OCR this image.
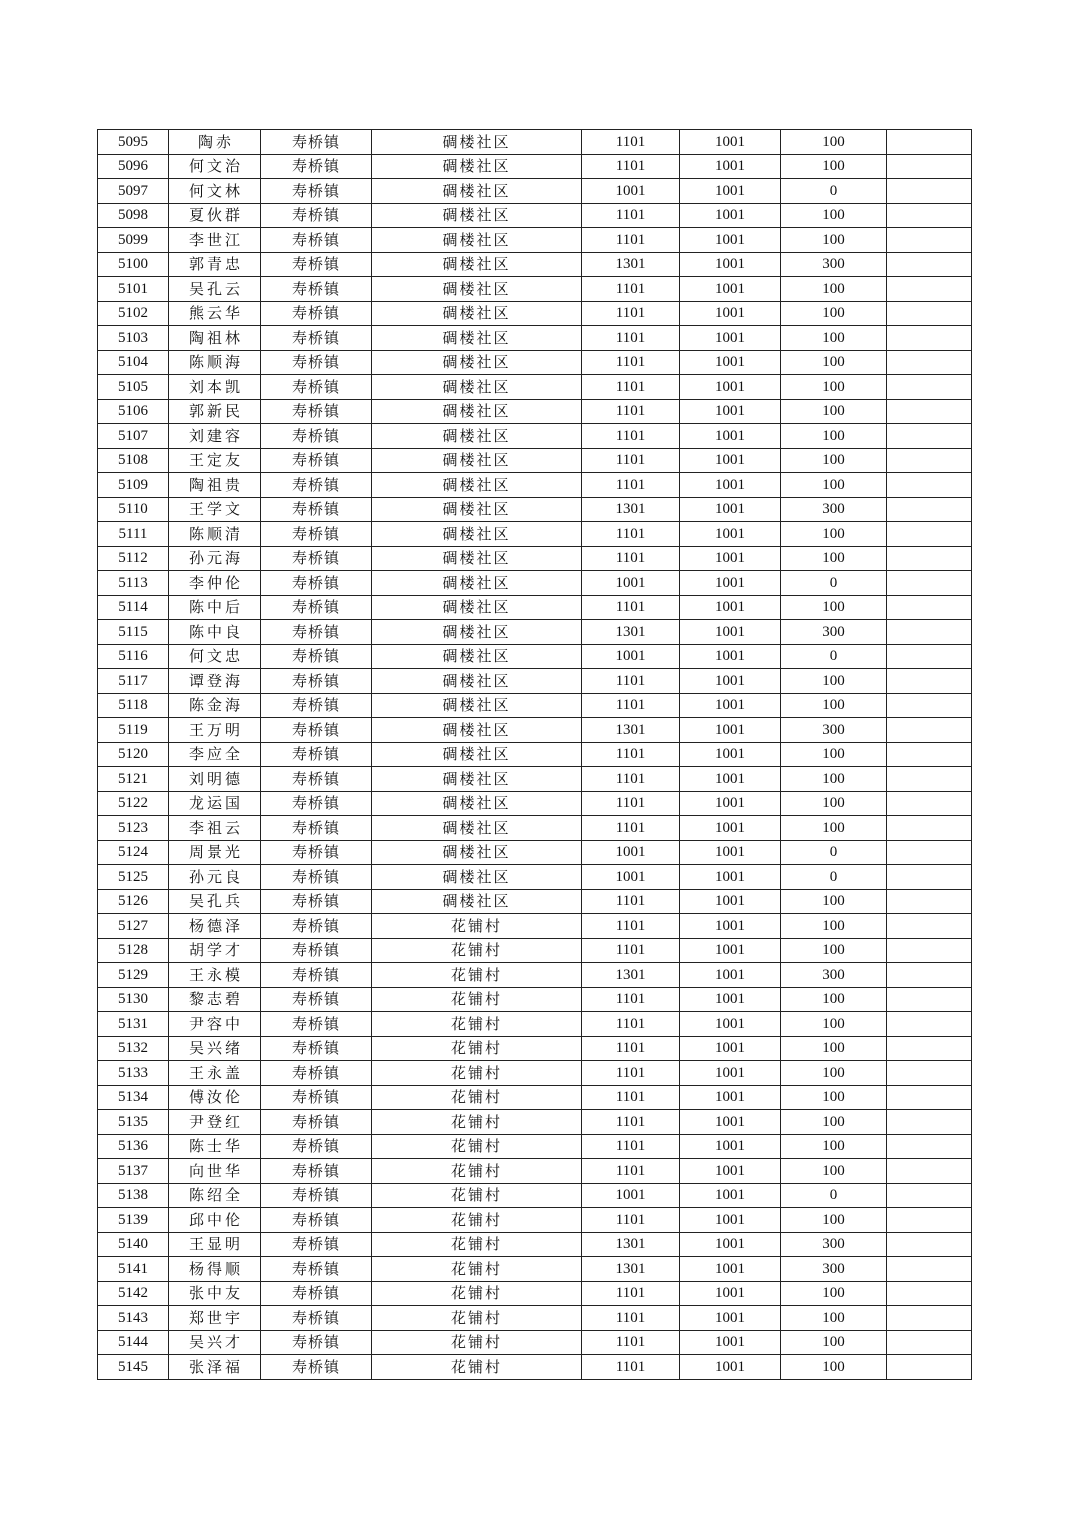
5095	陶赤	寿桥镇	碉楼社区	1101	1001	100	
5096	何文治	寿桥镇	碉楼社区	1101	1001	100	
5097	何文林	寿桥镇	碉楼社区	1001	1001	0	
5098	夏伙群	寿桥镇	碉楼社区	1101	1001	100	
5099	李世江	寿桥镇	碉楼社区	1101	1001	100	
5100	郭青忠	寿桥镇	碉楼社区	1301	1001	300	
5101	吴孔云	寿桥镇	碉楼社区	1101	1001	100	
5102	熊云华	寿桥镇	碉楼社区	1101	1001	100	
5103	陶祖林	寿桥镇	碉楼社区	1101	1001	100	
5104	陈顺海	寿桥镇	碉楼社区	1101	1001	100	
5105	刘本凯	寿桥镇	碉楼社区	1101	1001	100	
5106	郭新民	寿桥镇	碉楼社区	1101	1001	100	
5107	刘建容	寿桥镇	碉楼社区	1101	1001	100	
5108	王定友	寿桥镇	碉楼社区	1101	1001	100	
5109	陶祖贵	寿桥镇	碉楼社区	1101	1001	100	
5110	王学文	寿桥镇	碉楼社区	1301	1001	300	
5111	陈顺清	寿桥镇	碉楼社区	1101	1001	100	
5112	孙元海	寿桥镇	碉楼社区	1101	1001	100	
5113	李仲伦	寿桥镇	碉楼社区	1001	1001	0	
5114	陈中后	寿桥镇	碉楼社区	1101	1001	100	
5115	陈中良	寿桥镇	碉楼社区	1301	1001	300	
5116	何文忠	寿桥镇	碉楼社区	1001	1001	0	
5117	谭登海	寿桥镇	碉楼社区	1101	1001	100	
5118	陈金海	寿桥镇	碉楼社区	1101	1001	100	
5119	王万明	寿桥镇	碉楼社区	1301	1001	300	
5120	李应全	寿桥镇	碉楼社区	1101	1001	100	
5121	刘明德	寿桥镇	碉楼社区	1101	1001	100	
5122	龙运国	寿桥镇	碉楼社区	1101	1001	100	
5123	李祖云	寿桥镇	碉楼社区	1101	1001	100	
5124	周景光	寿桥镇	碉楼社区	1001	1001	0	
5125	孙元良	寿桥镇	碉楼社区	1001	1001	0	
5126	吴孔兵	寿桥镇	碉楼社区	1101	1001	100	
5127	杨德泽	寿桥镇	花铺村	1101	1001	100	
5128	胡学才	寿桥镇	花铺村	1101	1001	100	
5129	王永模	寿桥镇	花铺村	1301	1001	300	
5130	黎志碧	寿桥镇	花铺村	1101	1001	100	
5131	尹容中	寿桥镇	花铺村	1101	1001	100	
5132	吴兴绪	寿桥镇	花铺村	1101	1001	100	
5133	王永盖	寿桥镇	花铺村	1101	1001	100	
5134	傅汝伦	寿桥镇	花铺村	1101	1001	100	
5135	尹登红	寿桥镇	花铺村	1101	1001	100	
5136	陈士华	寿桥镇	花铺村	1101	1001	100	
5137	向世华	寿桥镇	花铺村	1101	1001	100	
5138	陈绍全	寿桥镇	花铺村	1001	1001	0	
5139	邱中伦	寿桥镇	花铺村	1101	1001	100	
5140	王显明	寿桥镇	花铺村	1301	1001	300	
5141	杨得顺	寿桥镇	花铺村	1301	1001	300	
5142	张中友	寿桥镇	花铺村	1101	1001	100	
5143	郑世宇	寿桥镇	花铺村	1101	1001	100	
5144	吴兴才	寿桥镇	花铺村	1101	1001	100	
5145	张泽福	寿桥镇	花铺村	1101	1001	100	
